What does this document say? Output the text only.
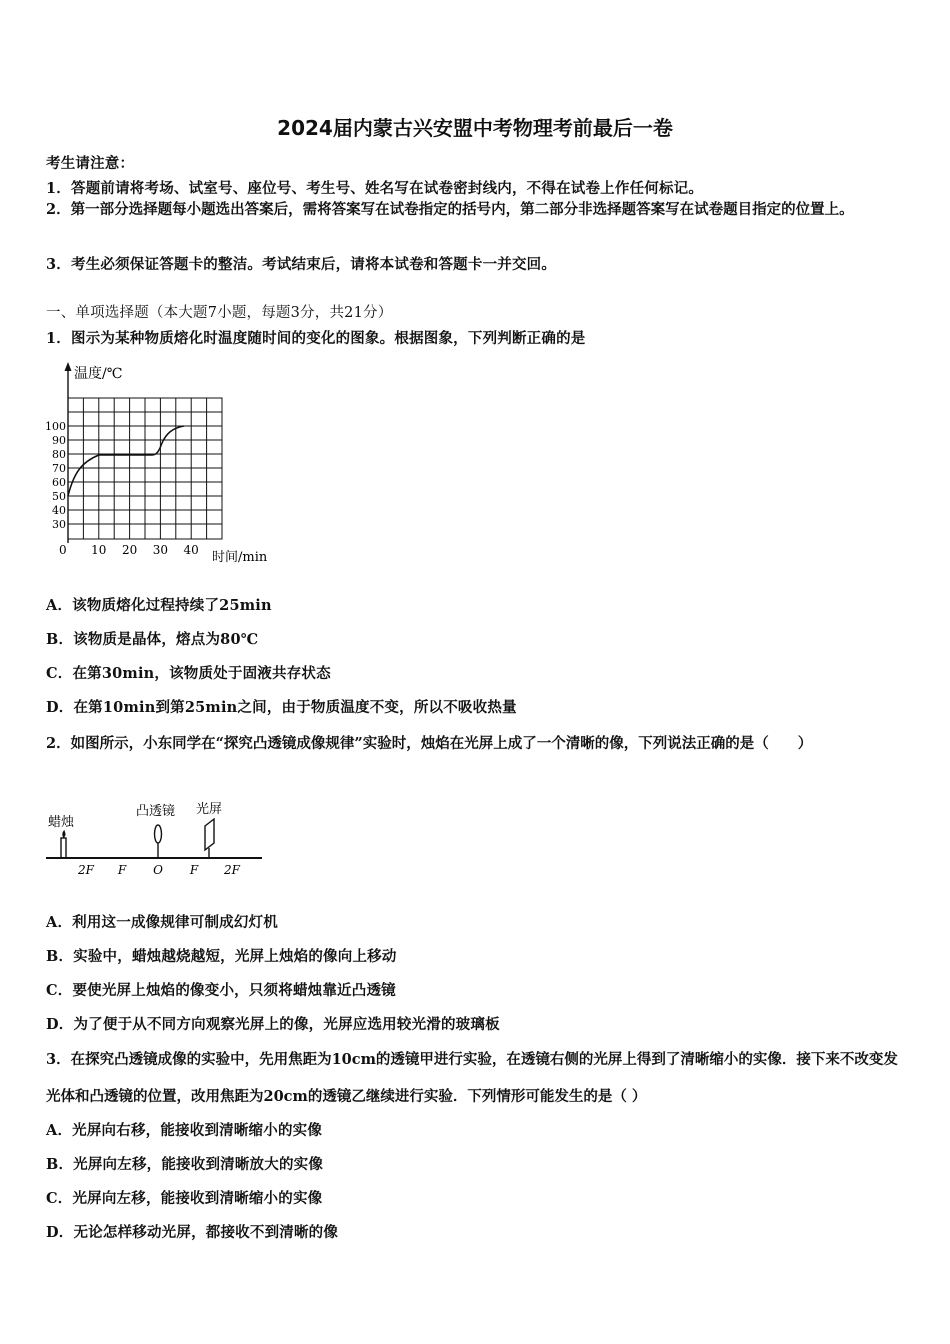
2024届内蒙古兴安盟中考物理考前最后一卷
考生请注意：
1．答题前请将考场、试室号、座位号、考生号、姓名写在试卷密封线内，不得在试卷上作任何标记。
2．第一部分选择题每小题选出答案后，需将答案写在试卷指定的括号内，第二部分非选择题答案写在试卷题目指定的位置上。
3．考生必须保证答题卡的整洁。考试结束后，请将本试卷和答题卡一并交回。
一、单项选择题（本大题7小题，每题3分，共21分）
1．图示为某种物质熔化时温度随时间的变化的图象。根据图象，下列判断正确的是
温度/℃
100
90
80
70
60
50
40
30
0 10 20 30 40 时间/min
A．该物质熔化过程持续了25min
B．该物质是晶体，熔点为80℃
C．在第30min，该物质处于固液共存状态
D．在第10min到第25min之间，由于物质温度不变，所以不吸收热量
2．如图所示，小东同学在“探究凸透镜成像规律”实验时，烛焰在光屏上成了一个清晰的像，下列说法正确的是（　　）
蜡烛
凸透镜 光屏
2F F O F 2F
A．利用这一成像规律可制成幻灯机
B．实验中，蜡烛越烧越短，光屏上烛焰的像向上移动
C．要使光屏上烛焰的像变小，只须将蜡烛靠近凸透镜
D．为了便于从不同方向观察光屏上的像，光屏应选用较光滑的玻璃板
3．在探究凸透镜成像的实验中，先用焦距为10cm的透镜甲进行实验，在透镜右侧的光屏上得到了清晰缩小的实像．接下来不改变发光体和凸透镜的位置，改用焦距为20cm的透镜乙继续进行实验．下列情形可能发生的是（ ）
A．光屏向右移，能接收到清晰缩小的实像
B．光屏向左移，能接收到清晰放大的实像
C．光屏向左移，能接收到清晰缩小的实像
D．无论怎样移动光屏，都接收不到清晰的像
